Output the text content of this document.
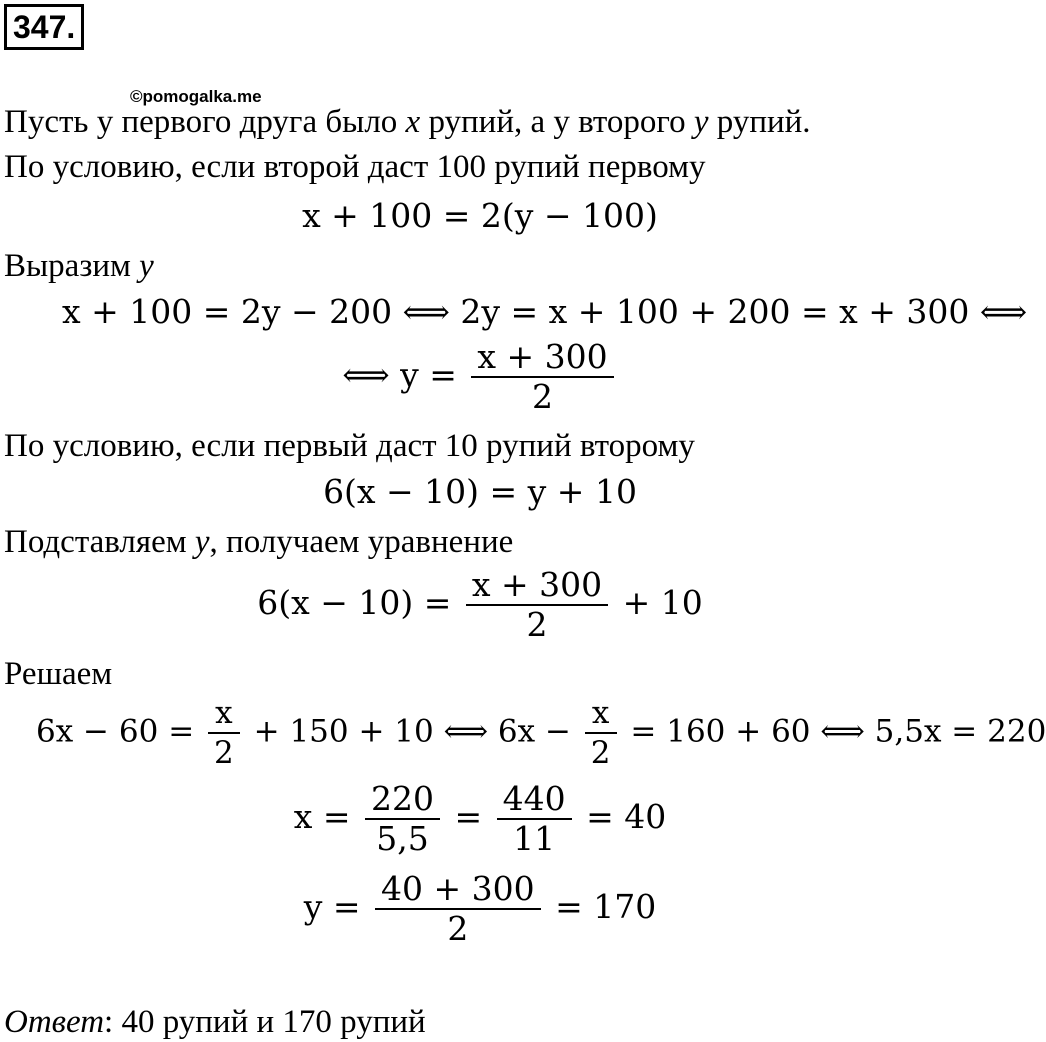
347.
©pomogalka.me
Пусть у первого друга было x рупий, а у второго y рупий.
По условию, если второй даст 100 рупий первому
x + 100 = 2(y − 100)
Выразим y
x + 100 = 2y − 200 ⟺ 2y = x + 100 + 200 = x + 300 ⟺
⟺ $y = \frac{x + 300}{2}$
По условию, если первый даст 10 рупий второму
6(x − 10) = y + 10
Подставляем y, получаем уравнение
$6(x - 10) = \frac{x + 300}{2} + 10$
Решаем
$6x - 60 = \frac{x}{2} + 150 + 10$ ⟺ $6x - \frac{x}{2} = 160 + 60$ ⟺ 5,5x = 220
$x = \frac{220}{5,5} = \frac{440}{11} = 40$
$y = \frac{40 + 300}{2} = 170$
Ответ: 40 рупий и 170 рупий
